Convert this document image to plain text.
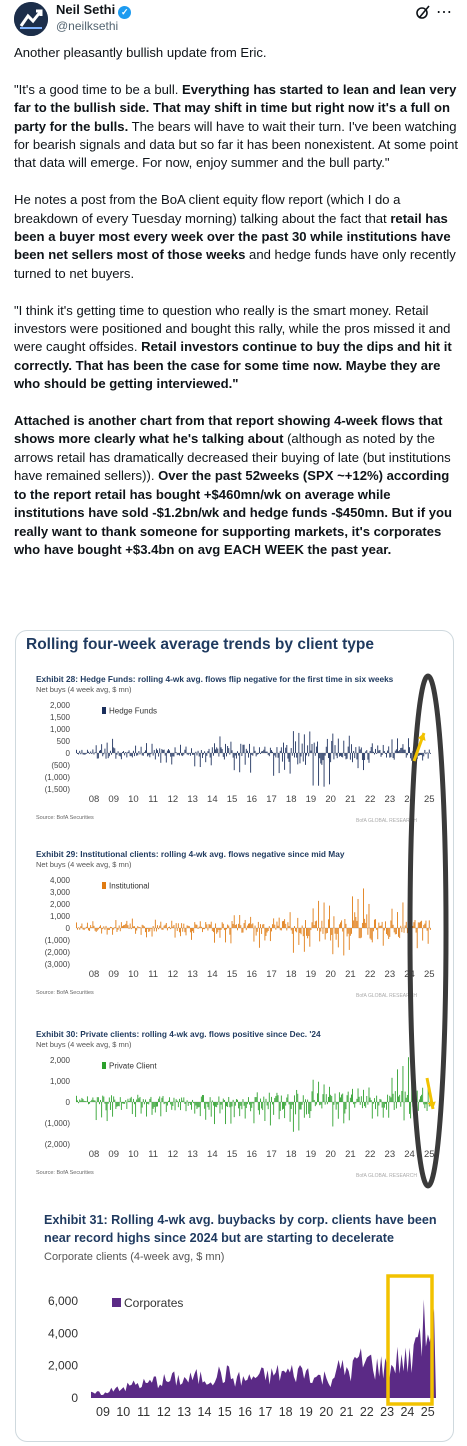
Neil Sethi ✓
@neilksethi
⋯

Another pleasantly bullish update from Eric.

"It's a good time to be a bull. Everything has started to lean and lean very far to the bullish side. That may shift in time but right now it's a full on party for the bulls. The bears will have to wait their turn. I've been watching for bearish signals and data but so far it has been nonexistent. At some point that data will emerge. For now, enjoy summer and the bull party."

He notes a post from the BoA client equity flow report (which I do a breakdown of every Tuesday morning) talking about the fact that retail has been a buyer most every week over the past 30 while institutions have been net sellers most of those weeks and hedge funds have only recently turned to net buyers.

"I think it's getting time to question who really is the smart money. Retail investors were positioned and bought this rally, while the pros missed it and were caught offsides. Retail investors continue to buy the dips and hit it correctly. That has been the case for some time now. Maybe they are who should be getting interviewed."

Attached is another chart from that report showing 4-week flows that shows more clearly what he's talking about (although as noted by the arrows retail has dramatically decreased their buying of late (but institutions have remained sellers)). Over the past 52weeks (SPX ~+12%) according to the report retail has bought +$460mn/wk on average while institutions have sold -$1.2bn/wk and hedge funds -$450mn. But if you really want to thank someone for supporting markets, it's corporates who have bought +$3.4bn on avg EACH WEEK the past year.

Rolling four-week average trends by client type
Exhibit 28: Hedge Funds: rolling 4-wk avg. flows flip negative for the first time in six weeks
Net buys (4 week avg, $ mn)
2,000
1,500
1,000
500
0
(500)
(1,000)
(1,500)
Hedge Funds
08 09 10 11 12 13 14 15 16 17 18 19 20 21 22 23 24 25
Source: BofA Securities	BofA GLOBAL RESEARCH
Exhibit 29: Institutional clients: rolling 4-wk avg. flows negative since mid May
Net buys (4 week avg, $ mn)
4,000
3,000
2,000
1,000
0
(1,000)
(2,000)
(3,000)
Institutional
08 09 10 11 12 13 14 15 16 17 18 19 20 21 22 23 24 25
Source: BofA Securities	BofA GLOBAL RESEARCH
Exhibit 30: Private clients: rolling 4-wk avg. flows positive since Dec. '24
Net buys (4 week avg, $ mn)
2,000
1,000
0
(1,000)
(2,000)
Private Client
08 09 10 11 12 13 14 15 16 17 18 19 20 21 22 23 24 25
Source: BofA Securities	BofA GLOBAL RESEARCH
Exhibit 31: Rolling 4-wk avg. buybacks by corp. clients have been
near record highs since 2024 but are starting to decelerate
Corporate clients (4-week avg, $ mn)
6,000
4,000
2,000
0
Corporates
09 10 11 12 13 14 15 16 17 18 19 20 21 22 23 24 25
